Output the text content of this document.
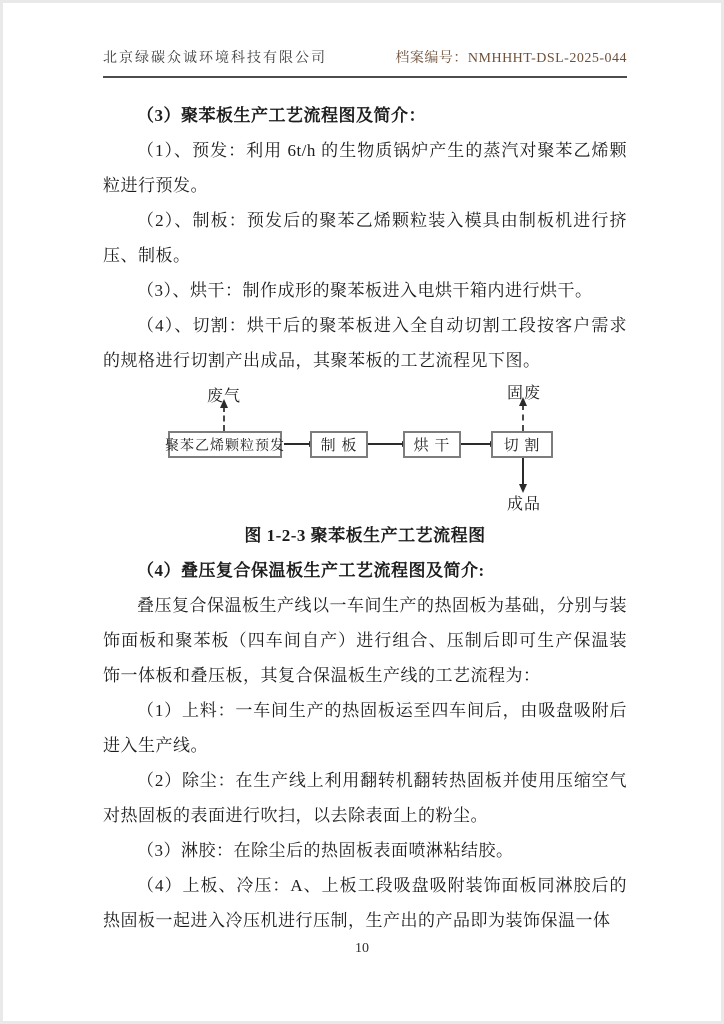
北京绿碳众诚环境科技有限公司	档案编号：NMHHHT-DSL-2025-044

（3）聚苯板生产工艺流程图及简介：

（1）、预发：利用 6t/h 的生物质锅炉产生的蒸汽对聚苯乙烯颗粒进行预发。

（2）、制板：预发后的聚苯乙烯颗粒装入模具由制板机进行挤压、制板。

（3）、烘干：制作成形的聚苯板进入电烘干箱内进行烘干。

（4）、切割：烘干后的聚苯板进入全自动切割工段按客户需求的规格进行切割产出成品，其聚苯板的工艺流程见下图。

废气	固废
聚苯乙烯颗粒预发	制 板	烘 干	切 割
成品

图 1-2-3 聚苯板生产工艺流程图

（4）叠压复合保温板生产工艺流程图及简介:

叠压复合保温板生产线以一车间生产的热固板为基础，分别与装饰面板和聚苯板（四车间自产）进行组合、压制后即可生产保温装饰一体板和叠压板，其复合保温板生产线的工艺流程为：

（1）上料：一车间生产的热固板运至四车间后，由吸盘吸附后进入生产线。

（2）除尘：在生产线上利用翻转机翻转热固板并使用压缩空气对热固板的表面进行吹扫，以去除表面上的粉尘。

（3）淋胶：在除尘后的热固板表面喷淋粘结胶。

（4）上板、冷压：A、上板工段吸盘吸附装饰面板同淋胶后的热固板一起进入冷压机进行压制，生产出的产品即为装饰保温一体

10
